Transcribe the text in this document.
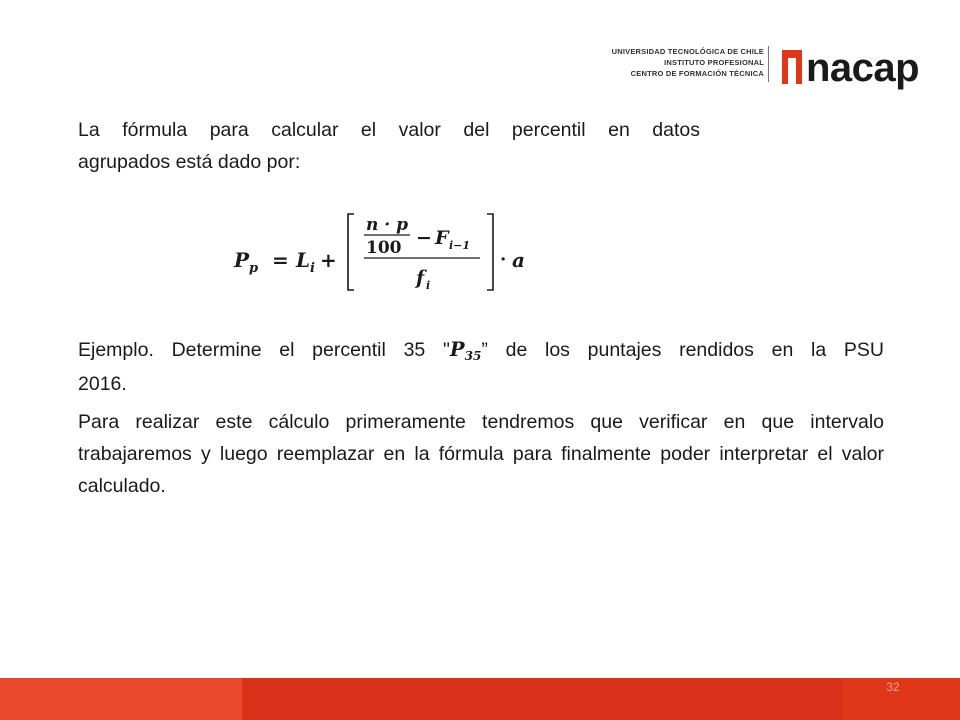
UNIVERSIDAD TECNOLÓGICA DE CHILE
INSTITUTO PROFESIONAL
CENTRO DE FORMACIÓN TÉCNICA nacap
La fórmula para calcular el valor del percentil en datos
agrupados está dado por:
P p = L i +
n · p
100 − F i−1
f i
· a
Ejemplo. Determine el percentil 35 "$P_{35}$” de los puntajes rendidos en la PSU
2016.
Para realizar este cálculo primeramente tendremos que verificar en que intervalo trabajaremos y luego reemplazar en la fórmula para finalmente poder interpretar el valor calculado.
32
